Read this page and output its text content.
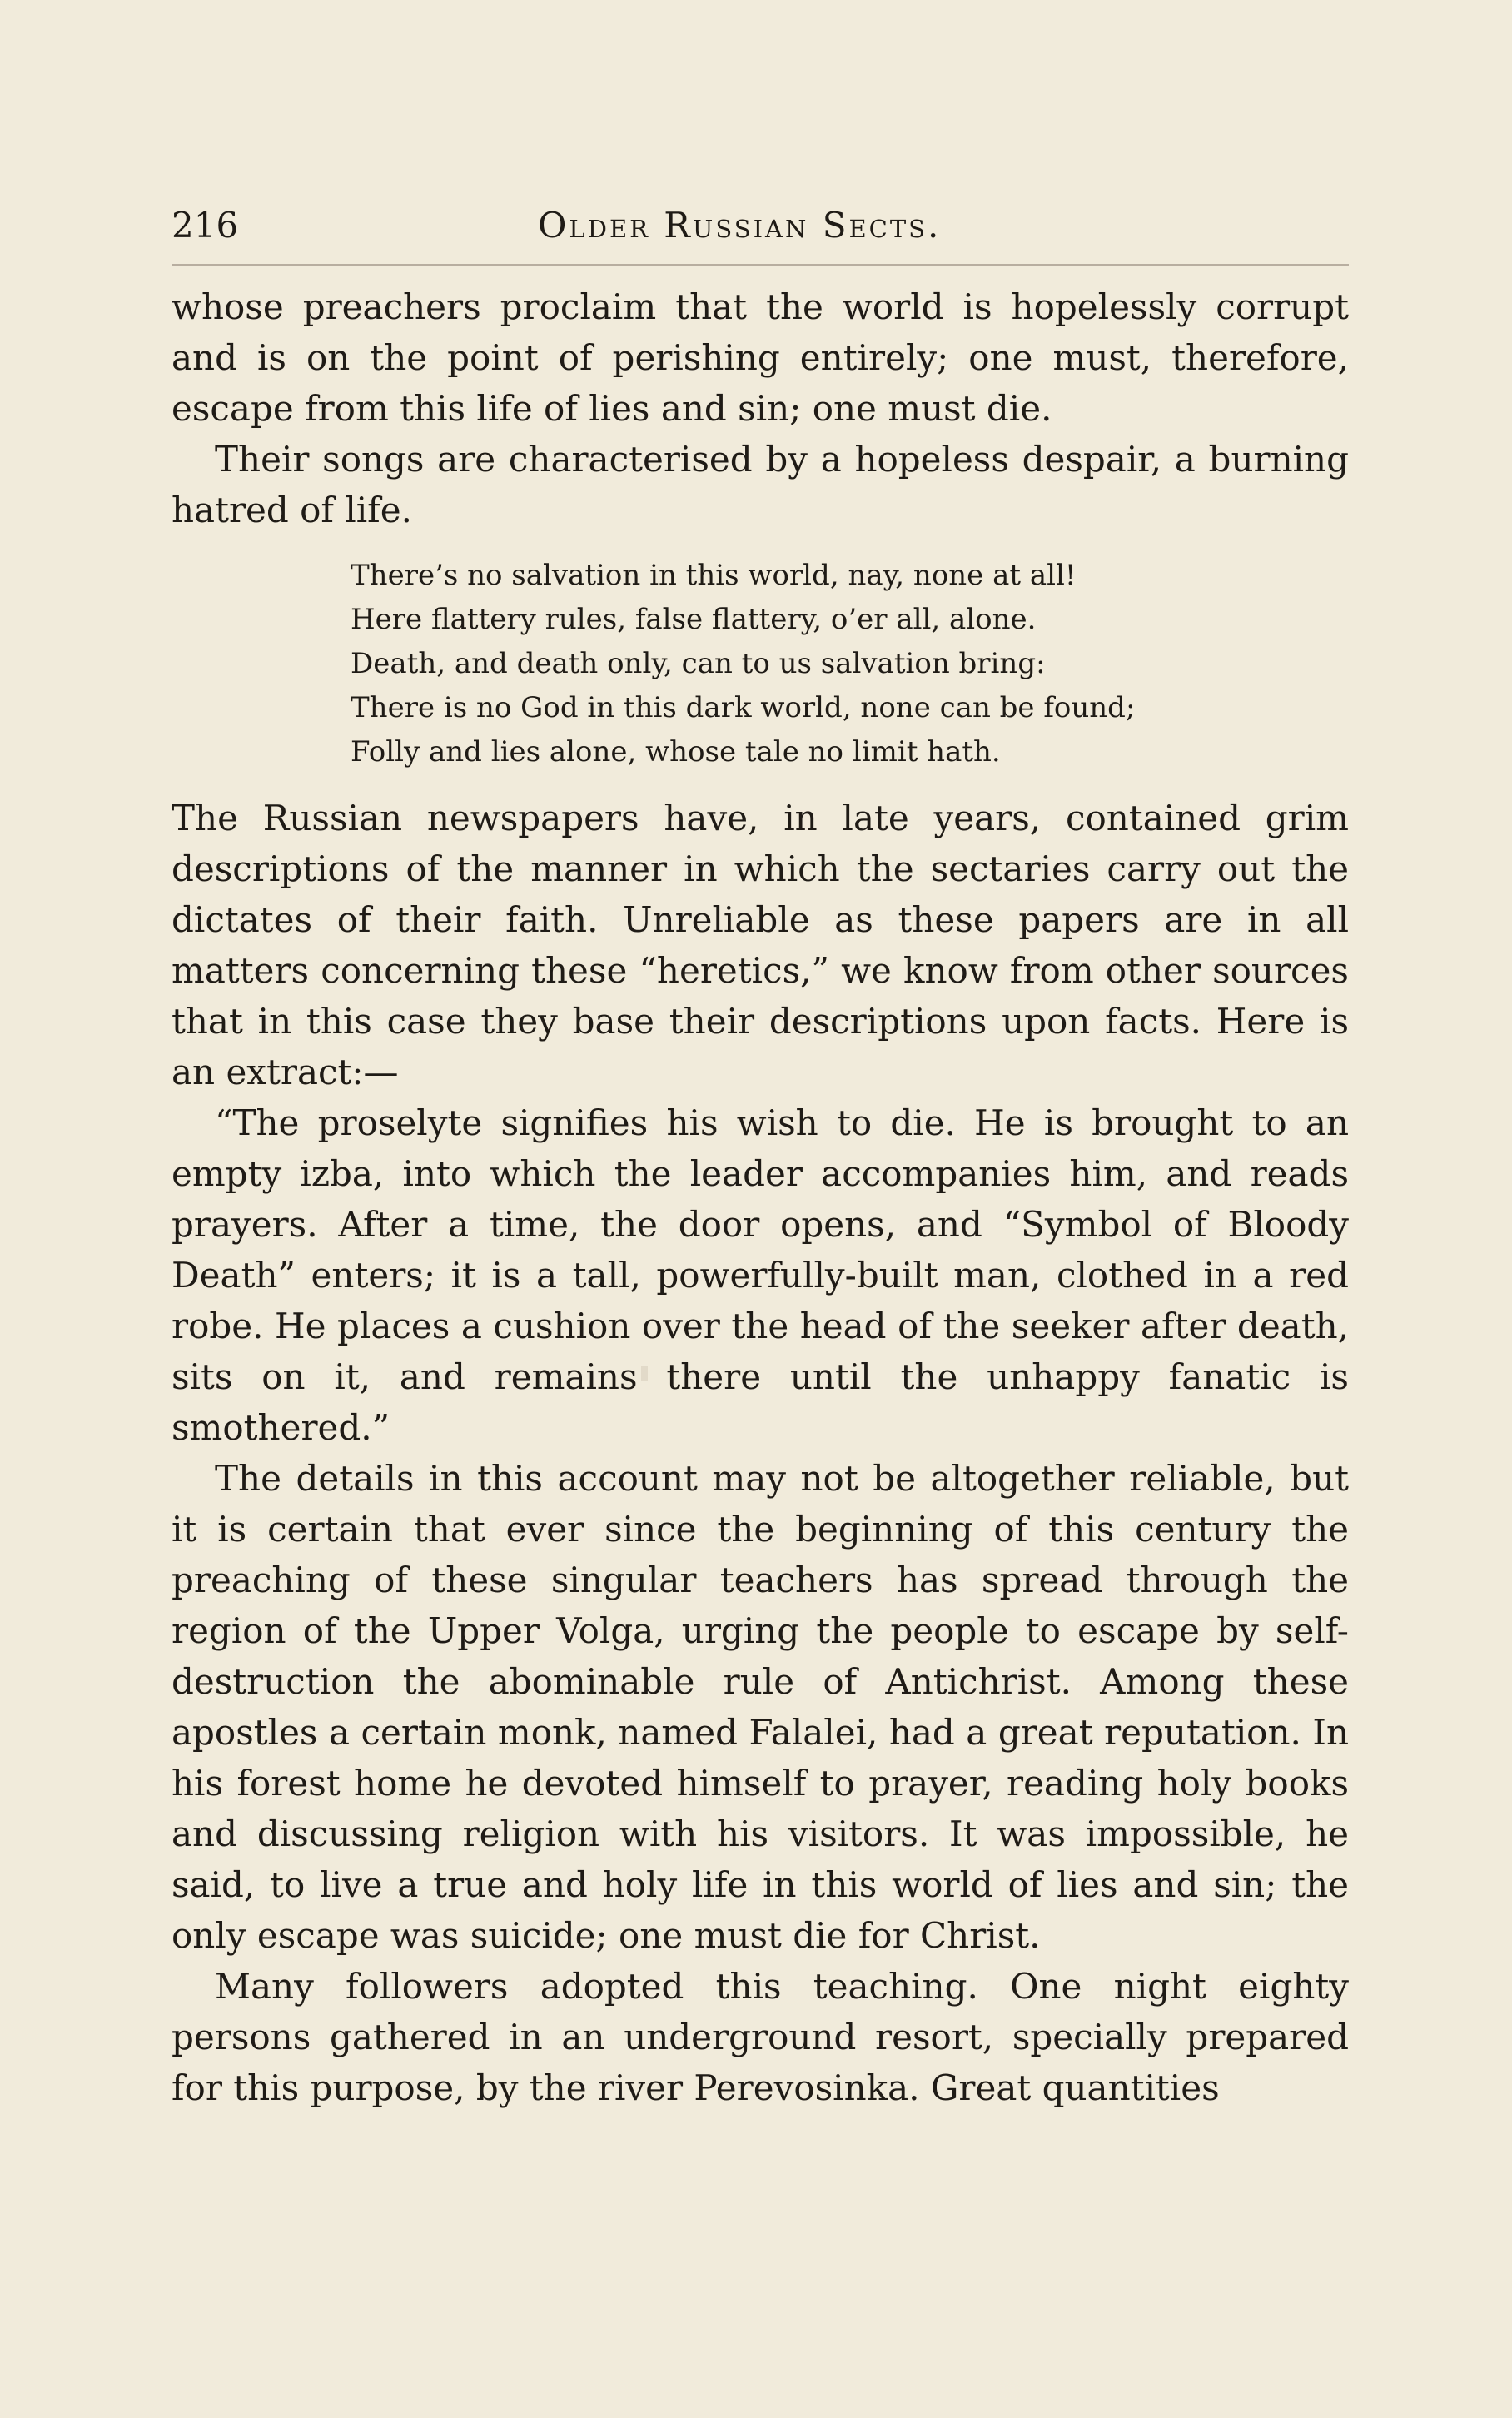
216	Older Russian Sects.

whose preachers proclaim that the world is hopelessly corrupt and is on the point of perishing entirely; one must, therefore, escape from this life of lies and sin; one must die.

Their songs are characterised by a hopeless despair, a burning hatred of life.

There’s no salvation in this world, nay, none at all!
Here flattery rules, false flattery, o’er all, alone.
Death, and death only, can to us salvation bring:
There is no God in this dark world, none can be found;
Folly and lies alone, whose tale no limit hath.

The Russian newspapers have, in late years, contained grim descriptions of the manner in which the sectaries carry out the dictates of their faith. Unreliable as these papers are in all matters concerning these “heretics,” we know from other sources that in this case they base their descriptions upon facts. Here is an extract:—

“The proselyte signifies his wish to die. He is brought to an empty izba, into which the leader accompanies him, and reads prayers. After a time, the door opens, and “Symbol of Bloody Death” enters; it is a tall, powerfully-built man, clothed in a red robe. He places a cushion over the head of the seeker after death, sits on it, and remains there until the unhappy fanatic is smothered.”

The details in this account may not be altogether reliable, but it is certain that ever since the beginning of this century the preaching of these singular teachers has spread through the region of the Upper Volga, urging the people to escape by self-destruction the abominable rule of Antichrist. Among these apostles a certain monk, named Falalei, had a great reputation. In his forest home he devoted himself to prayer, reading holy books and discussing religion with his visitors. It was impossible, he said, to live a true and holy life in this world of lies and sin; the only escape was suicide; one must die for Christ.

Many followers adopted this teaching. One night eighty persons gathered in an underground resort, specially prepared for this purpose, by the river Perevosinka. Great quantities
